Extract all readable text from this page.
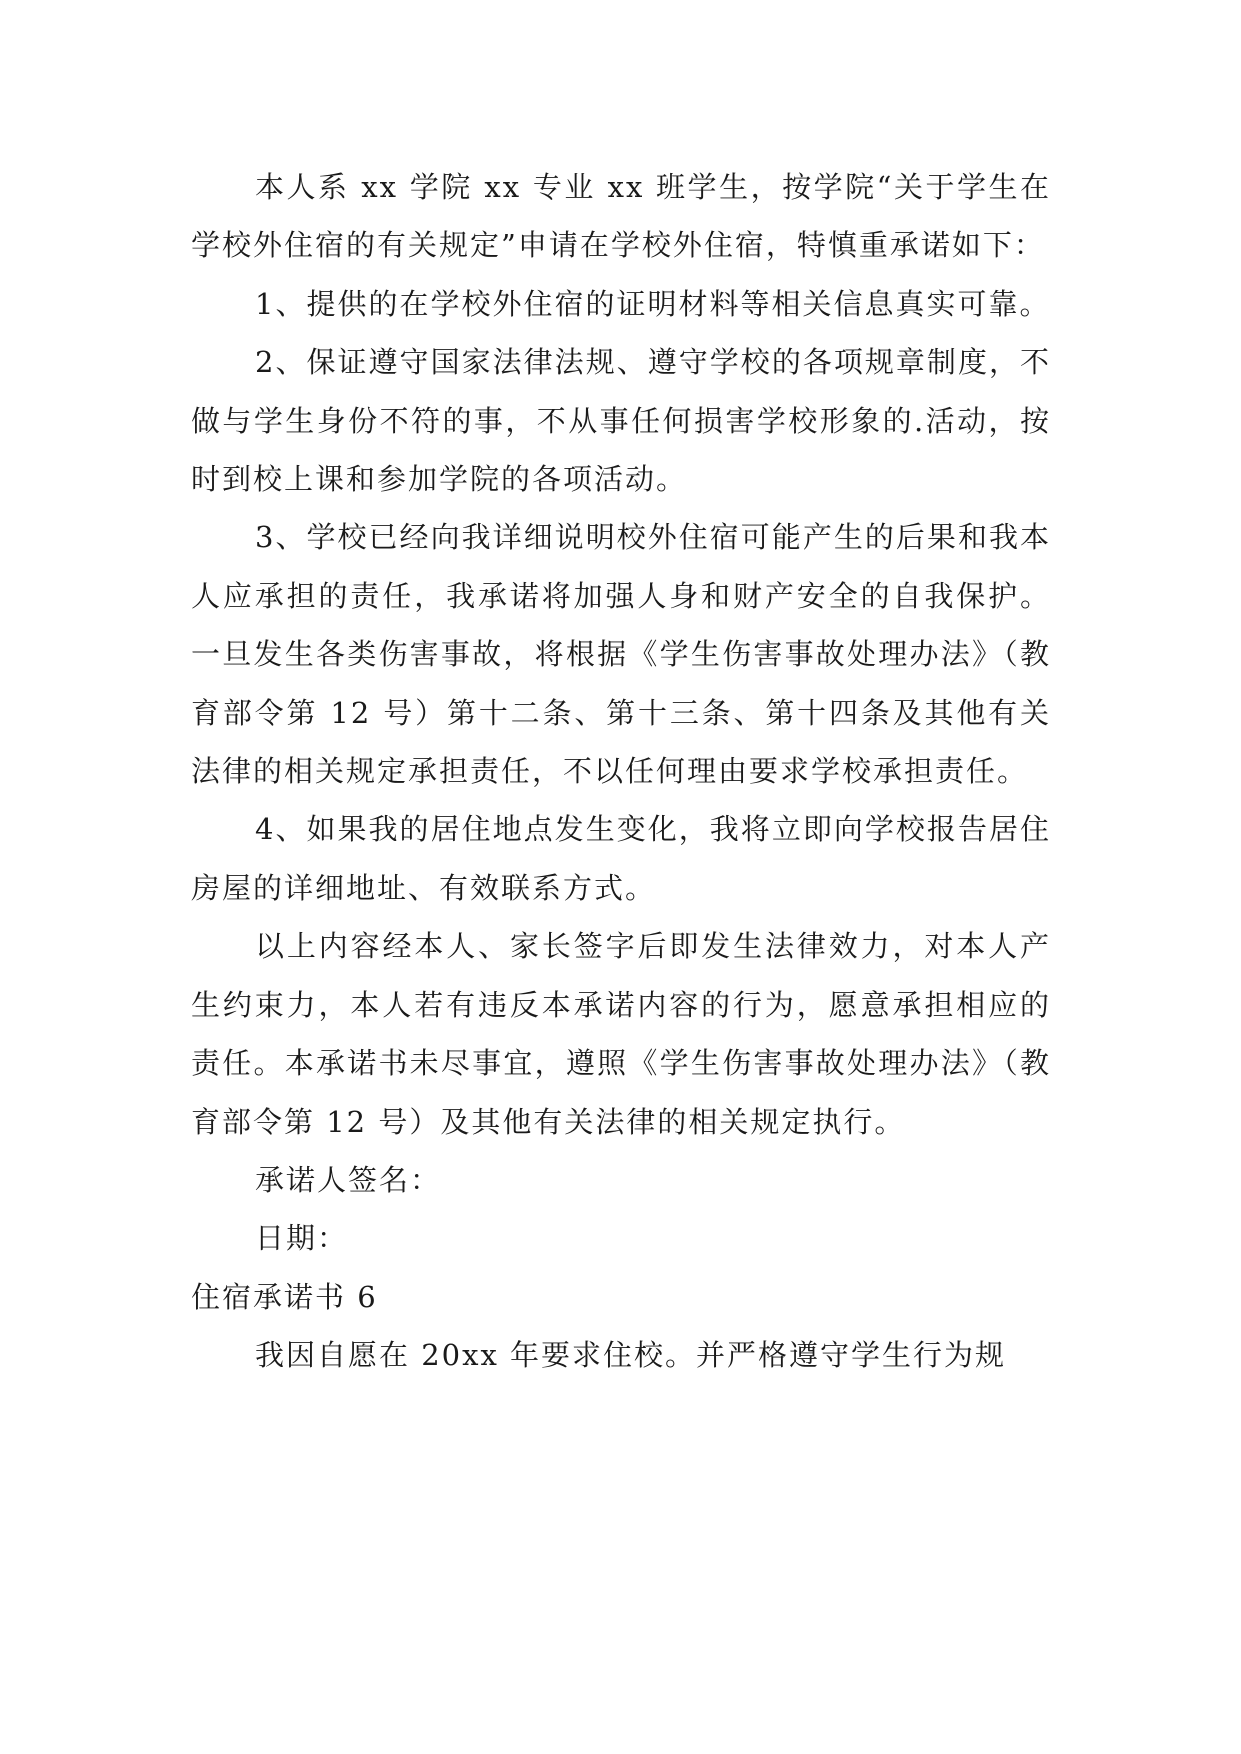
本人系 xx 学院 xx 专业 xx 班学生，按学院“关于学生在学校外住宿的有关规定”申请在学校外住宿，特慎重承诺如下：

1、提供的在学校外住宿的证明材料等相关信息真实可靠。

2、保证遵守国家法律法规、遵守学校的各项规章制度，不做与学生身份不符的事，不从事任何损害学校形象的.活动，按时到校上课和参加学院的各项活动。

3、学校已经向我详细说明校外住宿可能产生的后果和我本人应承担的责任，我承诺将加强人身和财产安全的自我保护。一旦发生各类伤害事故，将根据《学生伤害事故处理办法》（教育部令第 12 号）第十二条、第十三条、第十四条及其他有关法律的相关规定承担责任，不以任何理由要求学校承担责任。

4、如果我的居住地点发生变化，我将立即向学校报告居住房屋的详细地址、有效联系方式。

以上内容经本人、家长签字后即发生法律效力，对本人产生约束力，本人若有违反本承诺内容的行为，愿意承担相应的责任。本承诺书未尽事宜，遵照《学生伤害事故处理办法》（教育部令第 12 号）及其他有关法律的相关规定执行。

承诺人签名：

日期：

住宿承诺书 6

我因自愿在 20xx 年要求住校。并严格遵守学生行为规
